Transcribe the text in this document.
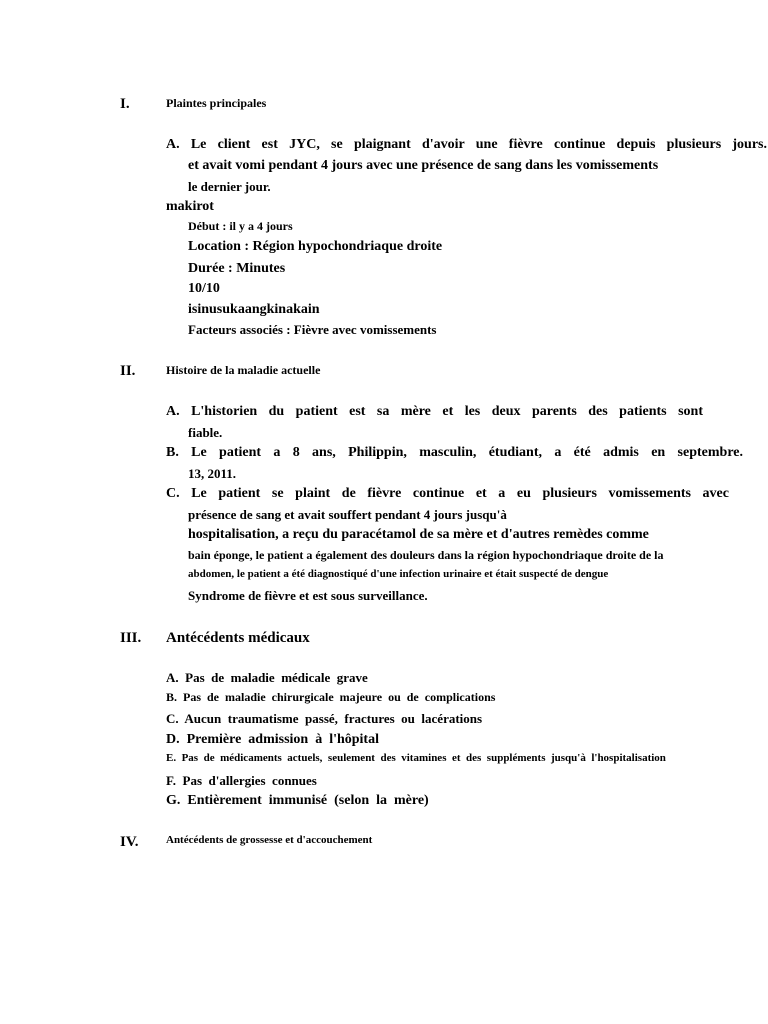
I.	Plaintes principales
A. Le client est JYC, se plaignant d'avoir une fièvre continue depuis plusieurs jours.
et avait vomi pendant 4 jours avec une présence de sang dans les vomissements
le dernier jour.
makirot
Début : il y a 4 jours
Location : Région hypochondriaque droite
Durée : Minutes
10/10
isinusukaangkinakain
Facteurs associés : Fièvre avec vomissements
II.	Histoire de la maladie actuelle
A. L'historien du patient est sa mère et les deux parents des patients sont
fiable.
B. Le patient a 8 ans, Philippin, masculin, étudiant, a été admis en septembre.
13, 2011.
C. Le patient se plaint de fièvre continue et a eu plusieurs vomissements avec
présence de sang et avait souffert pendant 4 jours jusqu'à
hospitalisation, a reçu du paracétamol de sa mère et d'autres remèdes comme
bain éponge, le patient a également des douleurs dans la région hypochondriaque droite de la
abdomen, le patient a été diagnostiqué d'une infection urinaire et était suspecté de dengue
Syndrome de fièvre et est sous surveillance.
III. Antécédents médicaux
A.  Pas  de  maladie  médicale  grave
B.  Pas  de  maladie  chirurgicale  majeure  ou  de  complications
C.  Aucun  traumatisme  passé,  fractures  ou  lacérations
D.  Première  admission  à  l'hôpital
E.  Pas  de  médicaments  actuels,  seulement  des  vitamines  et  des  suppléments  jusqu'à  l'hospitalisation
F.  Pas  d'allergies  connues
G.  Entièrement  immunisé  (selon  la  mère)
IV.	Antécédents de grossesse et d'accouchement
